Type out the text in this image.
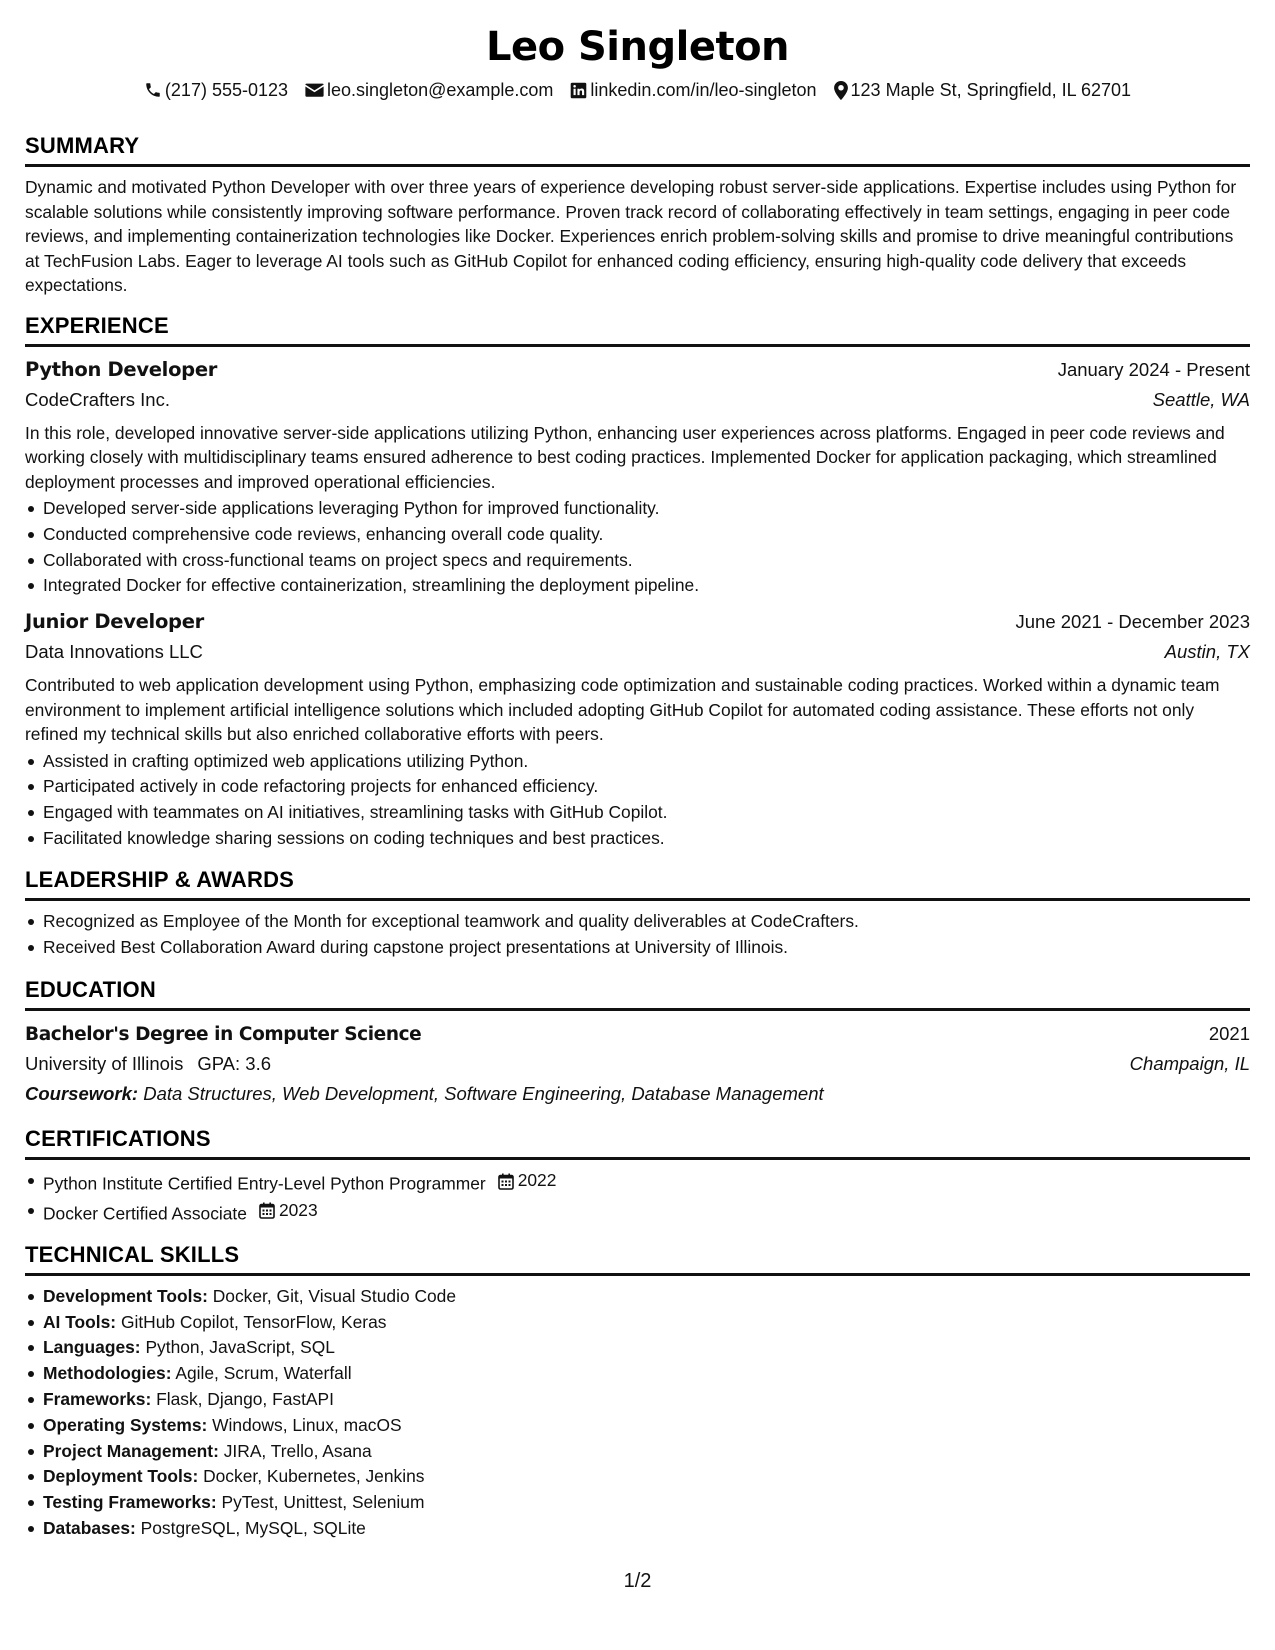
Leo Singleton
(217) 555-0123 leo.singleton@example.com linkedin.com/in/leo-singleton 123 Maple St, Springfield, IL 62701
SUMMARY
Dynamic and motivated Python Developer with over three years of experience developing robust server-side applications. Expertise includes using Python for scalable solutions while consistently improving software performance. Proven track record of collaborating effectively in team settings, engaging in peer code reviews, and implementing containerization technologies like Docker. Experiences enrich problem-solving skills and promise to drive meaningful contributions at TechFusion Labs. Eager to leverage AI tools such as GitHub Copilot for enhanced coding efficiency, ensuring high-quality code delivery that exceeds expectations.
EXPERIENCE
Python Developer	January 2024 - Present
CodeCrafters Inc.	Seattle, WA
In this role, developed innovative server-side applications utilizing Python, enhancing user experiences across platforms. Engaged in peer code reviews and working closely with multidisciplinary teams ensured adherence to best coding practices. Implemented Docker for application packaging, which streamlined deployment processes and improved operational efficiencies.
Developed server-side applications leveraging Python for improved functionality.
Conducted comprehensive code reviews, enhancing overall code quality.
Collaborated with cross-functional teams on project specs and requirements.
Integrated Docker for effective containerization, streamlining the deployment pipeline.
Junior Developer	June 2021 - December 2023
Data Innovations LLC	Austin, TX
Contributed to web application development using Python, emphasizing code optimization and sustainable coding practices. Worked within a dynamic team environment to implement artificial intelligence solutions which included adopting GitHub Copilot for automated coding assistance. These efforts not only refined my technical skills but also enriched collaborative efforts with peers.
Assisted in crafting optimized web applications utilizing Python.
Participated actively in code refactoring projects for enhanced efficiency.
Engaged with teammates on AI initiatives, streamlining tasks with GitHub Copilot.
Facilitated knowledge sharing sessions on coding techniques and best practices.
LEADERSHIP & AWARDS
Recognized as Employee of the Month for exceptional teamwork and quality deliverables at CodeCrafters.
Received Best Collaboration Award during capstone project presentations at University of Illinois.
EDUCATION
Bachelor's Degree in Computer Science	2021
University of Illinois GPA: 3.6	Champaign, IL
Coursework: Data Structures, Web Development, Software Engineering, Database Management
CERTIFICATIONS
Python Institute Certified Entry-Level Python Programmer 2022
Docker Certified Associate 2023
TECHNICAL SKILLS
Development Tools: Docker, Git, Visual Studio Code
AI Tools: GitHub Copilot, TensorFlow, Keras
Languages: Python, JavaScript, SQL
Methodologies: Agile, Scrum, Waterfall
Frameworks: Flask, Django, FastAPI
Operating Systems: Windows, Linux, macOS
Project Management: JIRA, Trello, Asana
Deployment Tools: Docker, Kubernetes, Jenkins
Testing Frameworks: PyTest, Unittest, Selenium
Databases: PostgreSQL, MySQL, SQLite
1/2
